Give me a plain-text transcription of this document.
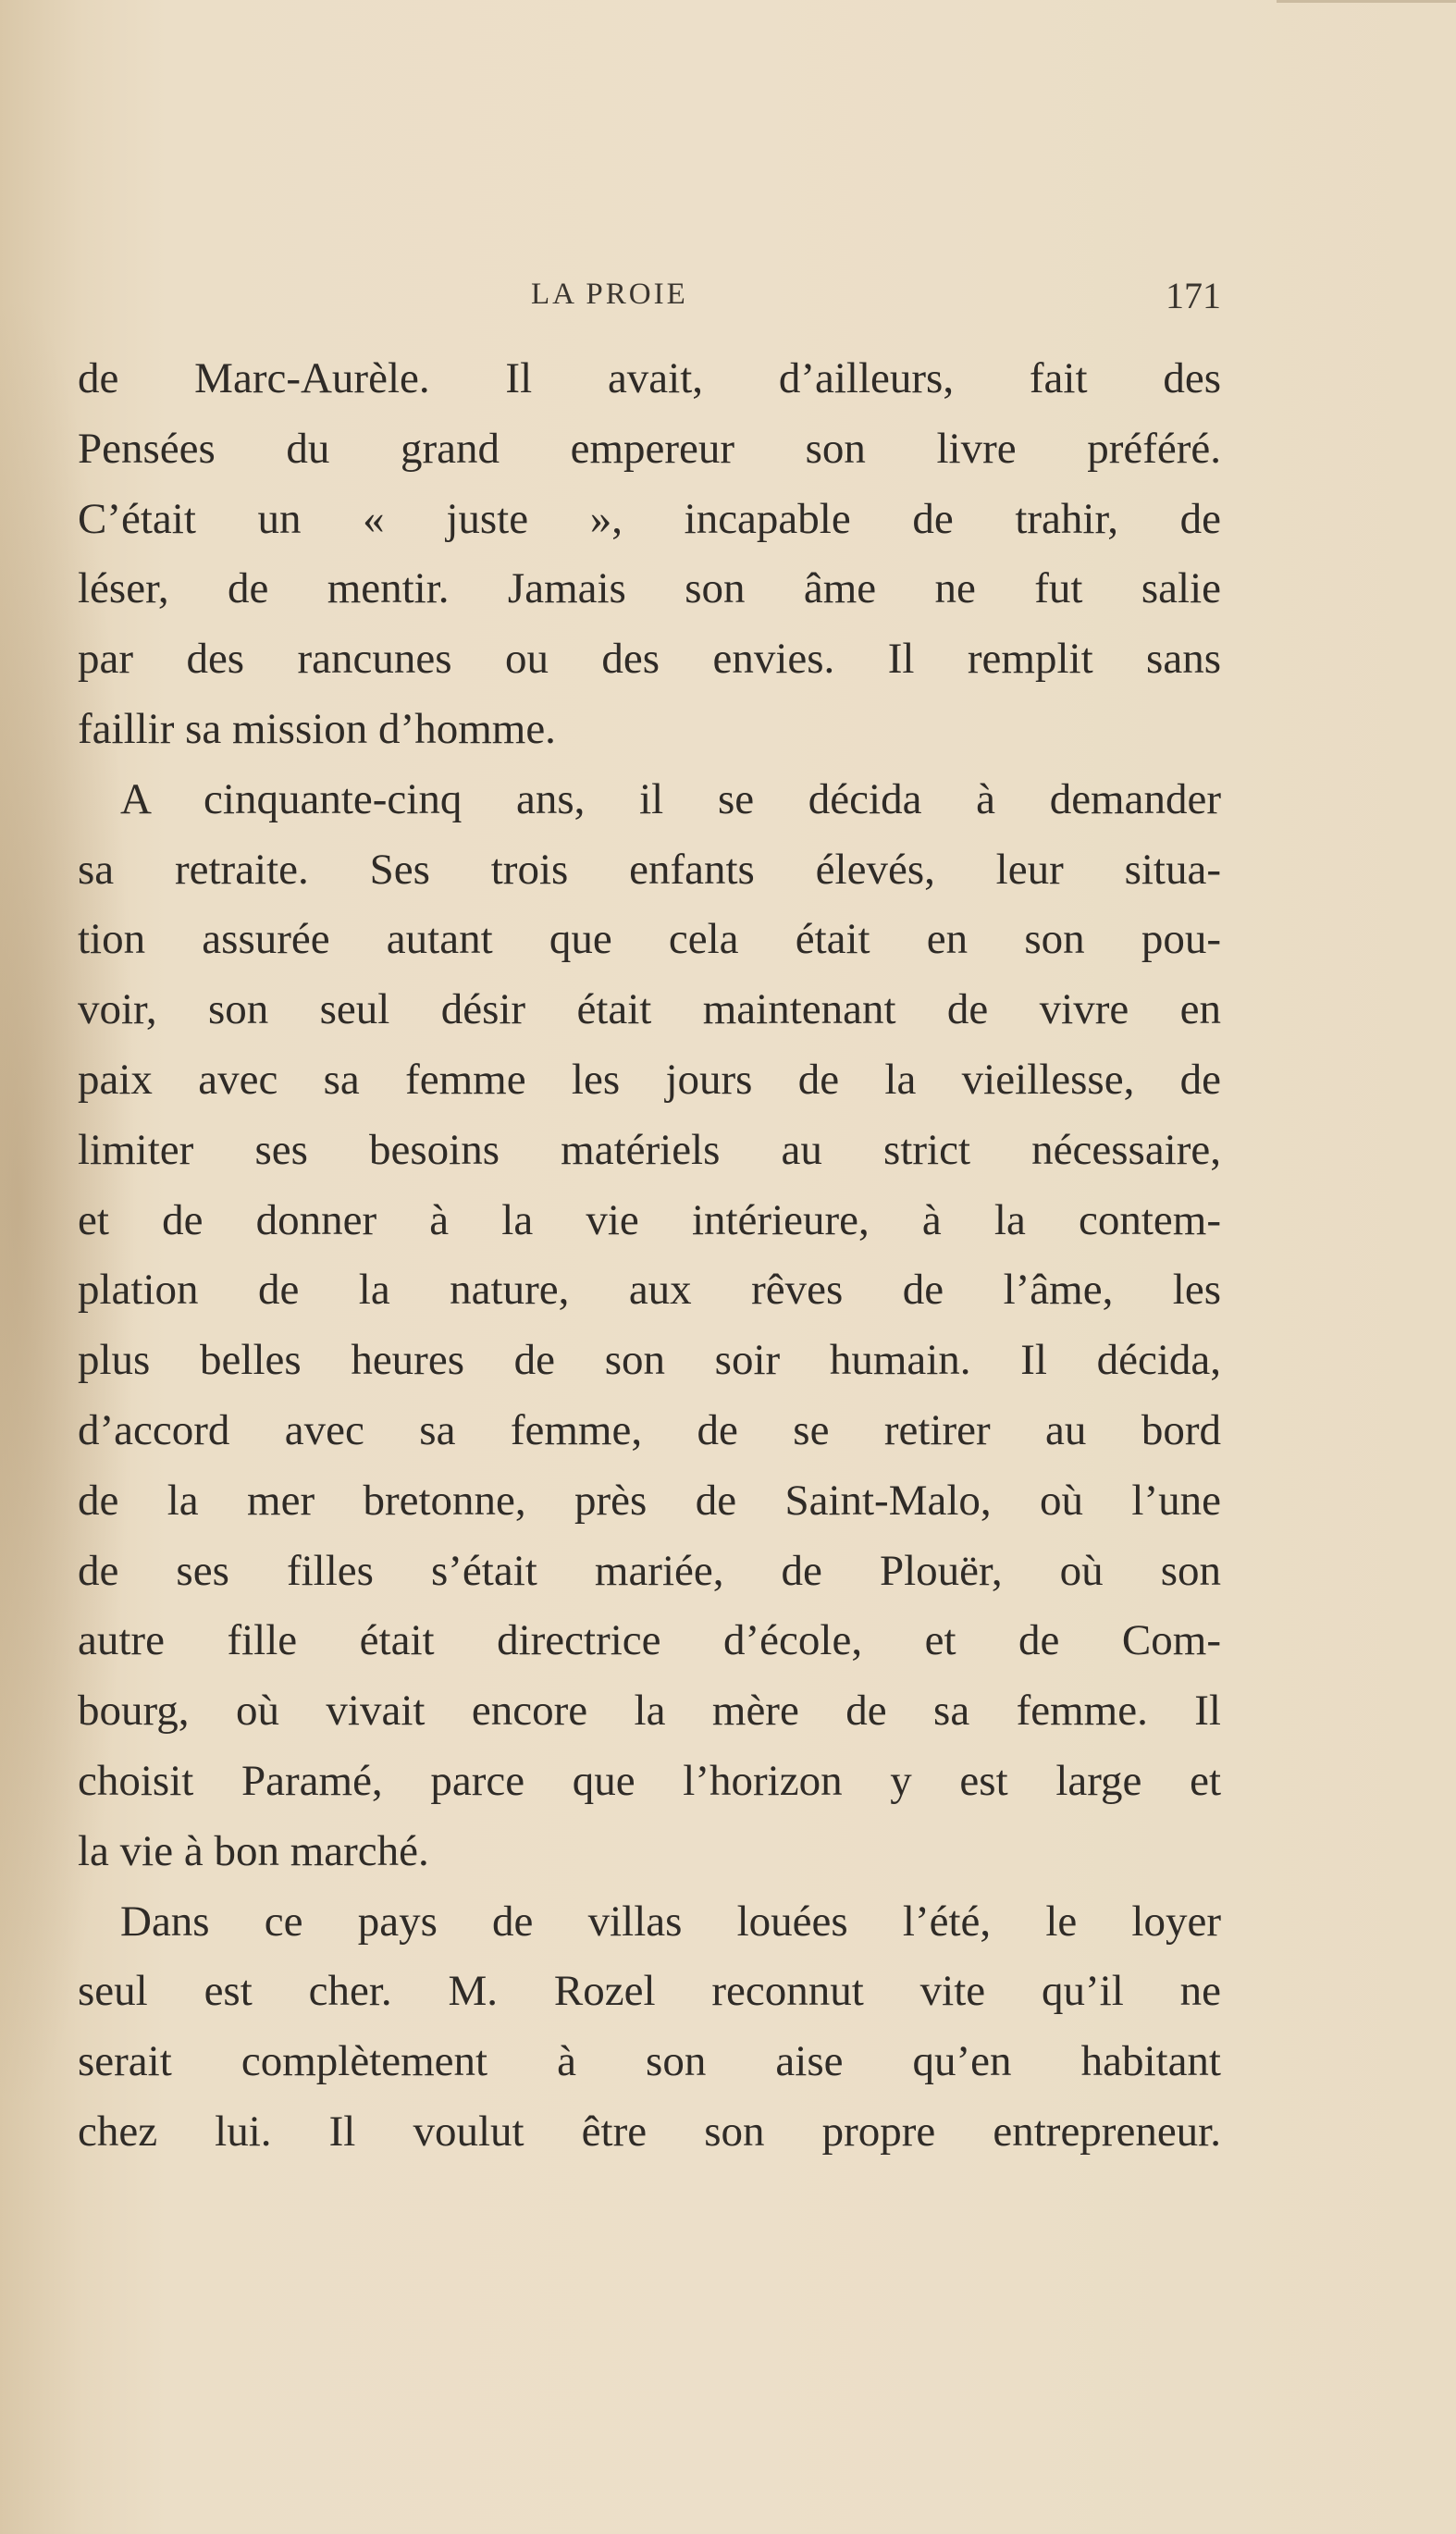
LA PROIE	171
de Marc-Aurèle. Il avait, d’ailleurs, fait des
Pensées du grand empereur son livre préféré.
C’était un « juste », incapable de trahir, de
léser, de mentir. Jamais son âme ne fut salie
par des rancunes ou des envies. Il remplit sans
faillir sa mission d’homme.
A cinquante-cinq ans, il se décida à demander
sa retraite. Ses trois enfants élevés, leur situa-
tion assurée autant que cela était en son pou-
voir, son seul désir était maintenant de vivre en
paix avec sa femme les jours de la vieillesse, de
limiter ses besoins matériels au strict nécessaire,
et de donner à la vie intérieure, à la contem-
plation de la nature, aux rêves de l’âme, les
plus belles heures de son soir humain. Il décida,
d’accord avec sa femme, de se retirer au bord
de la mer bretonne, près de Saint-Malo, où l’une
de ses filles s’était mariée, de Plouër, où son
autre fille était directrice d’école, et de Com-
bourg, où vivait encore la mère de sa femme. Il
choisit Paramé, parce que l’horizon y est large et
la vie à bon marché.
Dans ce pays de villas louées l’été, le loyer
seul est cher. M. Rozel reconnut vite qu’il ne
serait complètement à son aise qu’en habitant
chez lui. Il voulut être son propre entrepreneur.
